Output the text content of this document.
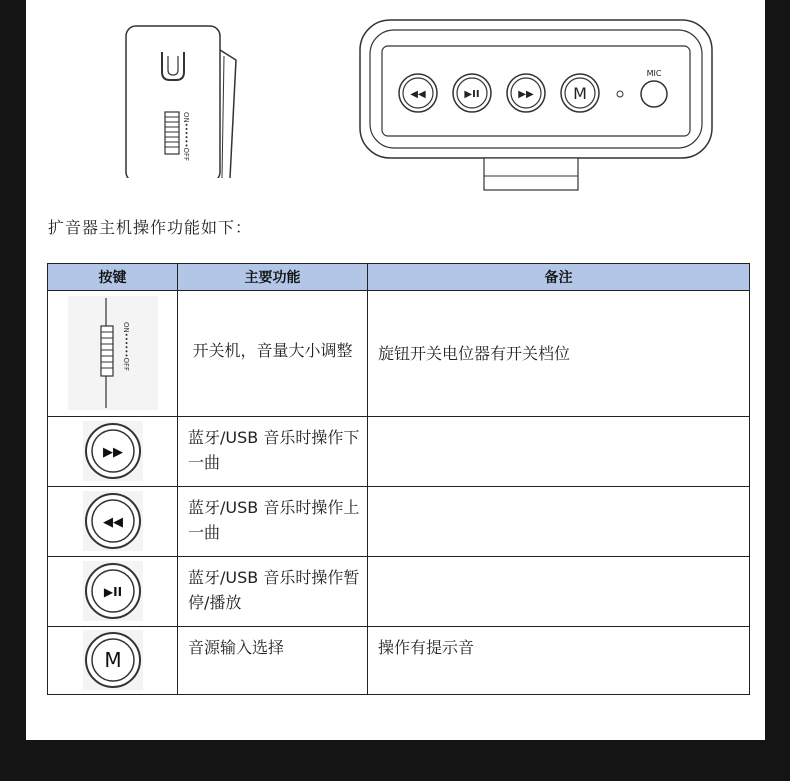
ON••••••OFF
◀◀	▶II	▶▶ M
MIC
扩音器主机操作功能如下：
按键	主要功能	备注

ON••••••OFF	开关机，音量大小调整	旋钮开关电位器有开关档位

▶▶	蓝牙/USB 音乐时操作下一曲	

◀◀	蓝牙/USB 音乐时操作上一曲	

▶II	蓝牙/USB 音乐时操作暂停/播放	

M	音源输入选择	操作有提示音
